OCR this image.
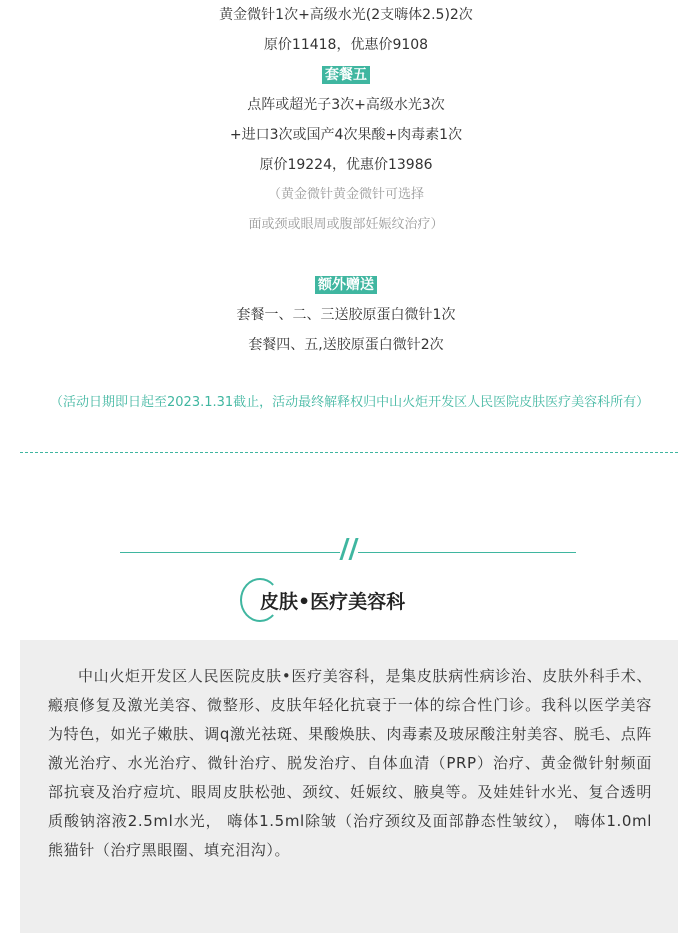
黄金微针1次+高级水光(2支嗨体2.5)2次
原价11418，优惠价9108
套餐五
点阵或超光子3次+高级水光3次
+进口3次或国产4次果酸+肉毒素1次
原价19224，优惠价13986
（黄金微针黄金微针可选择
面或颈或眼周或腹部妊娠纹治疗）
额外赠送
套餐一、二、三送胶原蛋白微针1次
套餐四、五,送胶原蛋白微针2次
（活动日期即日起至2023.1.31截止，活动最终解释权归中山火炬开发区人民医院皮肤医疗美容科所有）
皮肤•医疗美容科

中山火炬开发区人民医院皮肤•医疗美容科，是集皮肤病性病诊治、皮肤外科手术、瘢痕修复及激光美容、微整形、皮肤年轻化抗衰于一体的综合性门诊。我科以医学美容为特色，如光子嫩肤、调q激光祛斑、果酸焕肤、肉毒素及玻尿酸注射美容、脱毛、点阵激光治疗、水光治疗、微针治疗、脱发治疗、自体血清（PRP）治疗、黄金微针射频面部抗衰及治疗痘坑、眼周皮肤松弛、颈纹、妊娠纹、腋臭等。及娃娃针水光、复合透明质酸钠溶液2.5ml水光， 嗨体1.5ml除皱（治疗颈纹及面部静态性皱纹）， 嗨体1.0ml熊猫针（治疗黑眼圈、填充泪沟）。
